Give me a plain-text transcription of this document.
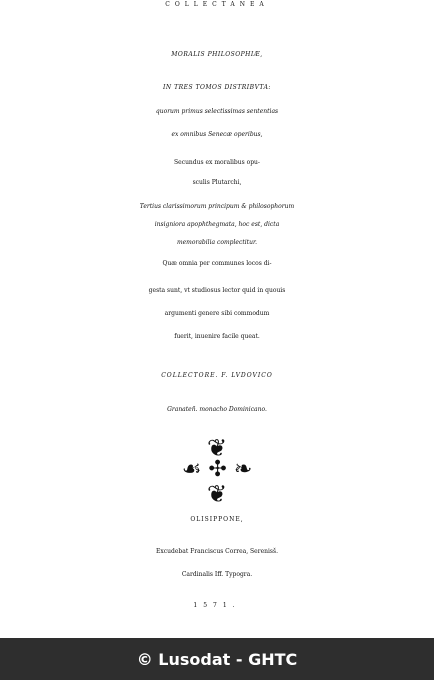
COLLECTANEA
MORALIS PHILOSOPHIÆ,
IN TRES TOMOS DISTRIBVTA:
quorum primus selectissimas sententias
ex omnibus Senecæ operibus,
Secundus ex moralibus opu-
sculis Plutarchi,
Tertius clarissimorum principum & philosophorum
insigniora apophthegmata, hoc est, dicta
memorabilia complectitur.
Quæ omnia per communes locos di-
gesta sunt, vt studiosus lector quid in quouis
argumenti genere sibi commodum
fuerit, inuenire facile queat.
COLLECTORE. F. LVDOVICO
Granateñ. monacho Dominicano.
❦
☙ ✣ ❧
❦
OLISIPPONE,
Excudebat Franciscus Correa, Serenisš.
Cardinalis Iff. Typogra.
1571.
© Lusodat - GHTC
